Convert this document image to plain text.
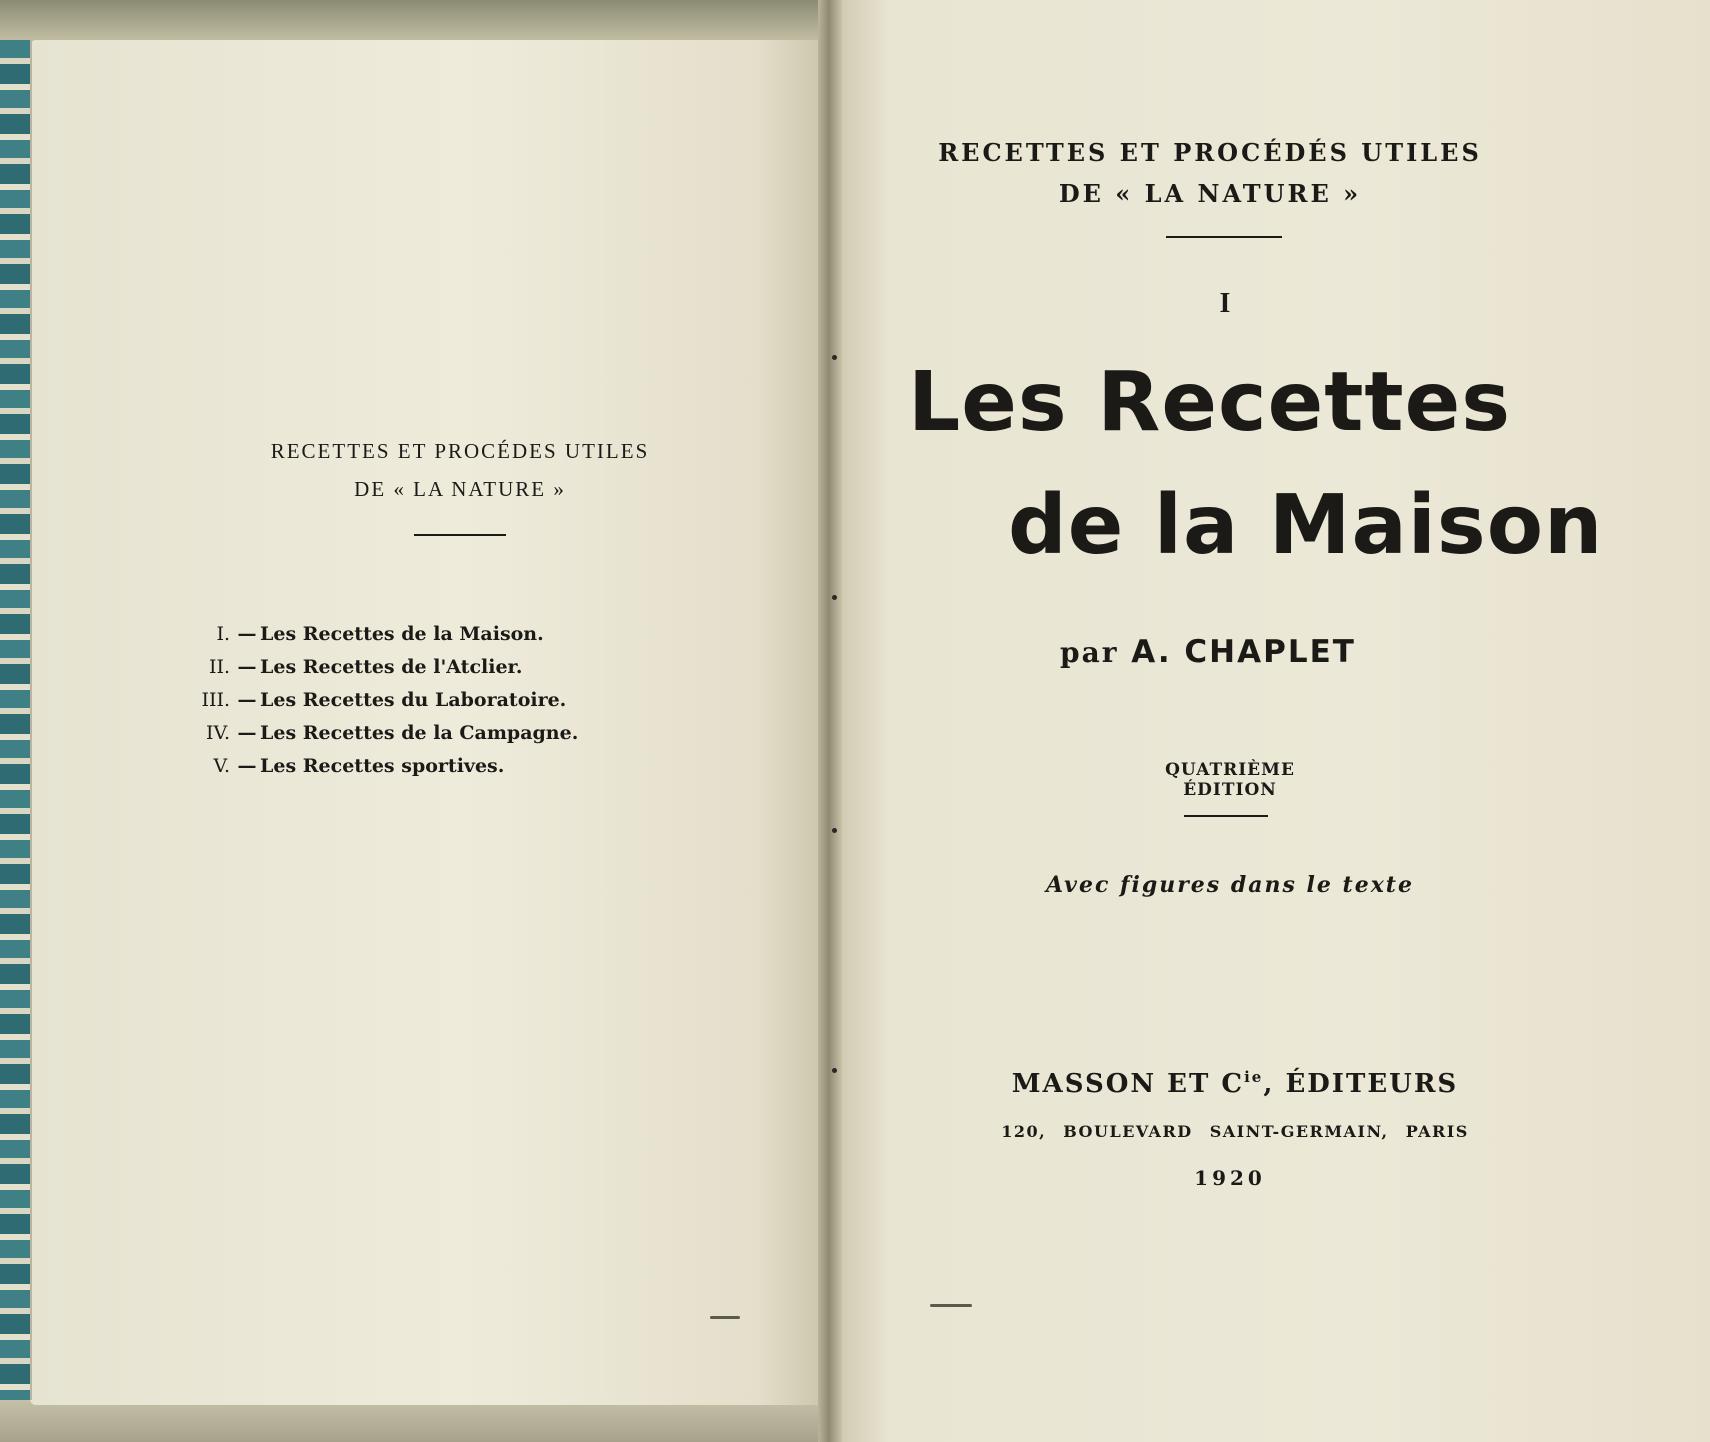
RECETTES ET PROCÉDES UTILES
DE « LA NATURE »
I. — Les Recettes de la Maison.
II. — Les Recettes de l'Atclier.
III. — Les Recettes du Laboratoire.
IV. — Les Recettes de la Campagne.
V. — Les Recettes sportives.
RECETTES ET PROCÉDÉS UTILES
DE « LA NATURE »
I
Les Recettes
de la Maison
par A. CHAPLET
QUATRIÈME ÉDITION
Avec figures dans le texte
MASSON ET $C^{ie}$, ÉDITEURS
120, BOULEVARD SAINT-GERMAIN, PARIS
1920
